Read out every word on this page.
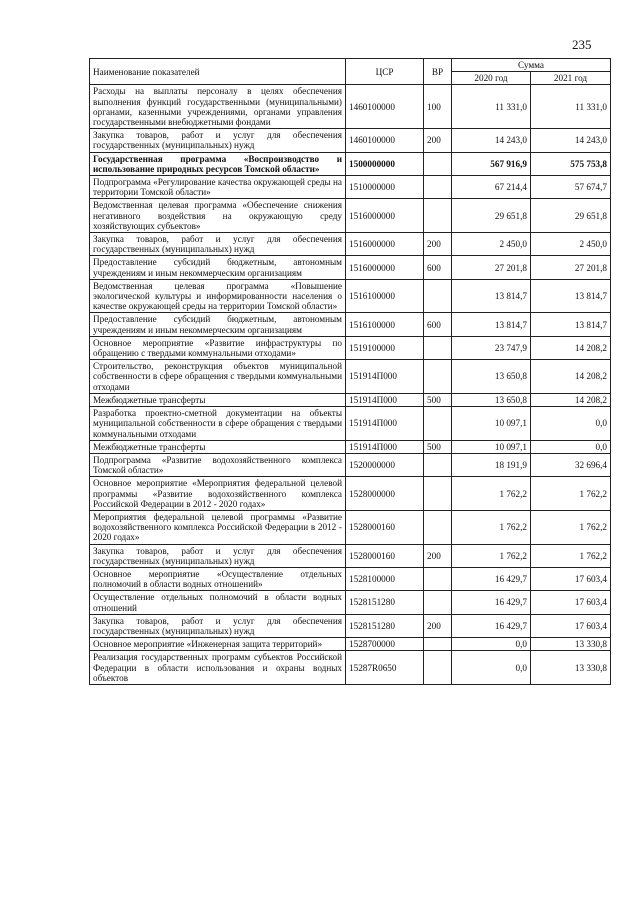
235
Наименование показателей	ЦСР	ВР	Сумма	
			2020 год	2021 год
Расходы на выплаты персоналу в целях обеспечения выполнения функций государственными (муниципальными) органами, казенными учреждениями, органами управления государственными внебюджетными фондами	1460100000	100	11 331,0	11 331,0
Закупка товаров, работ и услуг для обеспечения государственных (муниципальных) нужд	1460100000	200	14 243,0	14 243,0
Государственная программа «Воспроизводство и использование природных ресурсов Томской области»	1500000000		567 916,9	575 753,8
Подпрограмма «Регулирование качества окружающей среды на территории Томской области»	1510000000		67 214,4	57 674,7
Ведомственная целевая программа «Обеспечение снижения негативного воздействия на окружающую среду хозяйствующих субъектов»	1516000000		29 651,8	29 651,8
Закупка товаров, работ и услуг для обеспечения государственных (муниципальных) нужд	1516000000	200	2 450,0	2 450,0
Предоставление субсидий бюджетным, автономным учреждениям и иным некоммерческим организациям	1516000000	600	27 201,8	27 201,8
Ведомственная целевая программа «Повышение экологической культуры и информированности населения о качестве окружающей среды на территории Томской области»	1516100000		13 814,7	13 814,7
Предоставление субсидий бюджетным, автономным учреждениям и иным некоммерческим организациям	1516100000	600	13 814,7	13 814,7
Основное мероприятие «Развитие инфраструктуры по обращению с твердыми коммунальными отходами»	1519100000		23 747,9	14 208,2
Строительство, реконструкция объектов муниципальной собственности в сфере обращения с твердыми коммунальными отходами	151914П000		13 650,8	14 208,2
Межбюджетные трансферты	151914П000	500	13 650,8	14 208,2
Разработка проектно-сметной документации на объекты муниципальной собственности в сфере обращения с твердыми коммунальными отходами	151914П000		10 097,1	0,0
Межбюджетные трансферты	151914П000	500	10 097,1	0,0
Подпрограмма «Развитие водохозяйственного комплекса Томской области»	1520000000		18 191,9	32 696,4
Основное мероприятие «Мероприятия федеральной целевой программы «Развитие водохозяйственного комплекса Российской Федерации в 2012 - 2020 годах»	1528000000		1 762,2	1 762,2
Мероприятия федеральной целевой программы «Развитие водохозяйственного комплекса Российской Федерации в 2012 - 2020 годах»	1528000160		1 762,2	1 762,2
Закупка товаров, работ и услуг для обеспечения государственных (муниципальных) нужд	1528000160	200	1 762,2	1 762,2
Основное мероприятие «Осуществление отдельных полномочий в области водных отношений»	1528100000		16 429,7	17 603,4
Осуществление отдельных полномочий в области водных отношений	1528151280		16 429,7	17 603,4
Закупка товаров, работ и услуг для обеспечения государственных (муниципальных) нужд	1528151280	200	16 429,7	17 603,4
Основное мероприятие «Инженерная защита территорий»	1528700000		0,0	13 330,8
Реализация государственных программ субъектов Российской Федерации в области использования и охраны водных объектов	15287R0650		0,0	13 330,8
